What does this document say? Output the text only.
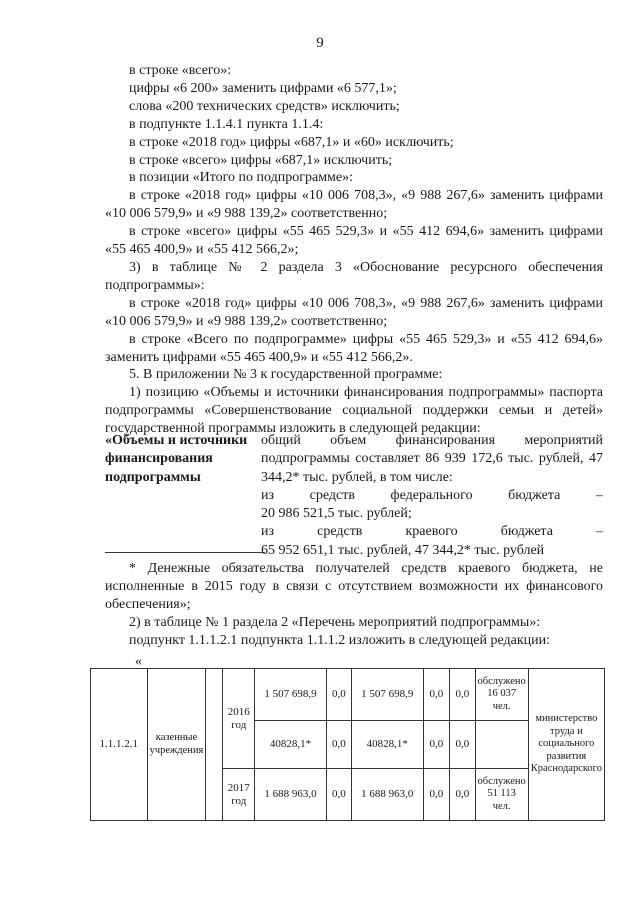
9

в строке «всего»:

цифры «6 200» заменить цифрами «6 577,1»;

слова «200 технических средств» исключить;

в подпункте 1.1.4.1 пункта 1.1.4:

в строке «2018 год» цифры «687,1» и «60» исключить;

в строке «всего» цифры «687,1» исключить;

в позиции «Итого по подпрограмме»:

в строке «2018 год» цифры «10 006 708,3», «9 988 267,6» заменить цифрами «10 006 579,9» и «9 988 139,2» соответственно;

в строке «всего» цифры «55 465 529,3» и «55 412 694,6» заменить цифрами «55 465 400,9» и «55 412 566,2»;

3) в таблице № 2 раздела 3 «Обоснование ресурсного обеспечения подпрограммы»:

в строке «2018 год» цифры «10 006 708,3», «9 988 267,6» заменить цифрами «10 006 579,9» и «9 988 139,2» соответственно;

в строке «Всего по подпрограмме» цифры «55 465 529,3» и «55 412 694,6» заменить цифрами «55 465 400,9» и «55 412 566,2».

5. В приложении № 3 к государственной программе:

1) позицию «Объемы и источники финансирования подпрограммы» паспорта подпрограммы «Совершенствование социальной поддержки семьи и детей» государственной программы изложить в следующей редакции:

«Объемы и источники финансирования подпрограммы
общий объем финансирования мероприятий подпрограммы составляет 86 939 172,6 тыс. рублей, 47 344,2* тыс. рублей, в том числе:
из	средств	федерального	бюджета	–
20 986 521,5 тыс. рублей;
из	средств	краевого	бюджета	–
65 952 651,1 тыс. рублей, 47 344,2* тыс. рублей

* Денежные обязательства получателей средств краевого бюджета, не исполненные в 2015 году в связи с отсутствием возможности их финансового обеспечения»;

2) в таблице № 1 раздела 2 «Перечень мероприятий подпрограммы»:

подпункт 1.1.1.2.1 подпункта 1.1.1.2 изложить в следующей редакции:

«
1.1.1.2.1	казенные учреждения		2016 год	1 507 698,9	0,0	1 507 698,9	0,0	0,0	обслужено 16 037 чел.	министерство труда и социального развития Краснодарского
				40828,1*	0,0	40828,1*	0,0	0,0		
			2017 год	1 688 963,0	0,0	1 688 963,0	0,0	0,0	обслужено 51 113 чел.	
